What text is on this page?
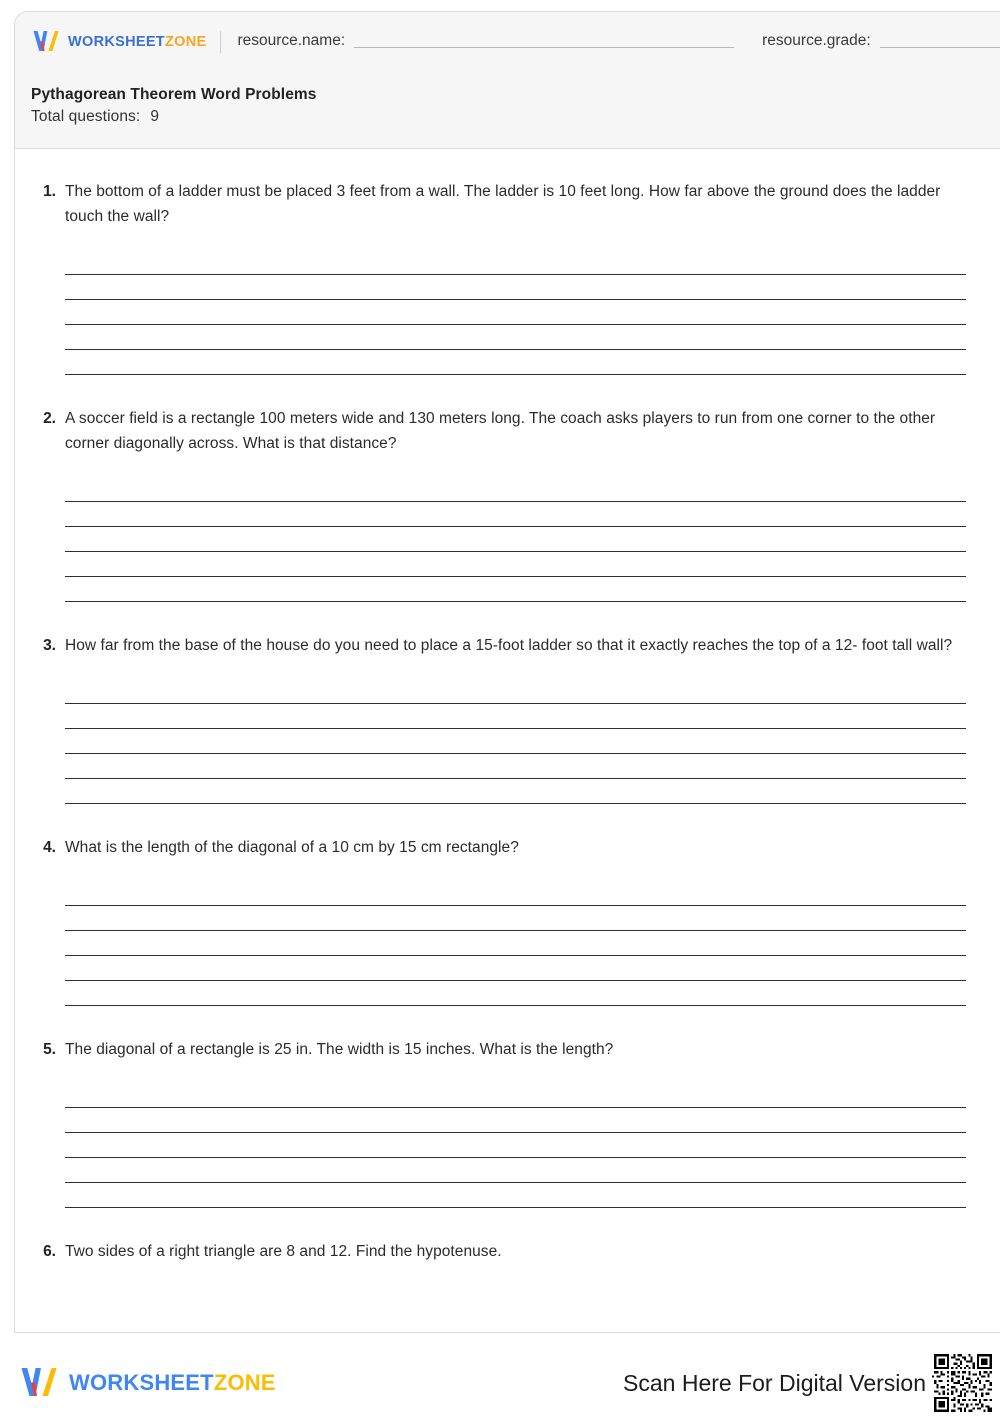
WORKSHEETZONE resource.name:	resource.grade:
Pythagorean Theorem Word Problems
Total questions: 9
1. The bottom of a ladder must be placed 3 feet from a wall. The ladder is 10 feet long. How far above the ground does the ladder touch the wall?
2. A soccer field is a rectangle 100 meters wide and 130 meters long. The coach asks players to run from one corner to the other corner diagonally across. What is that distance?
3. How far from the base of the house do you need to place a 15-foot ladder so that it exactly reaches the top of a 12- foot tall wall?
4. What is the length of the diagonal of a 10 cm by 15 cm rectangle?
5. The diagonal of a rectangle is 25 in. The width is 15 inches. What is the length?
6. Two sides of a right triangle are 8 and 12. Find the hypotenuse.
WORKSHEETZONE	Scan Here For Digital Version
